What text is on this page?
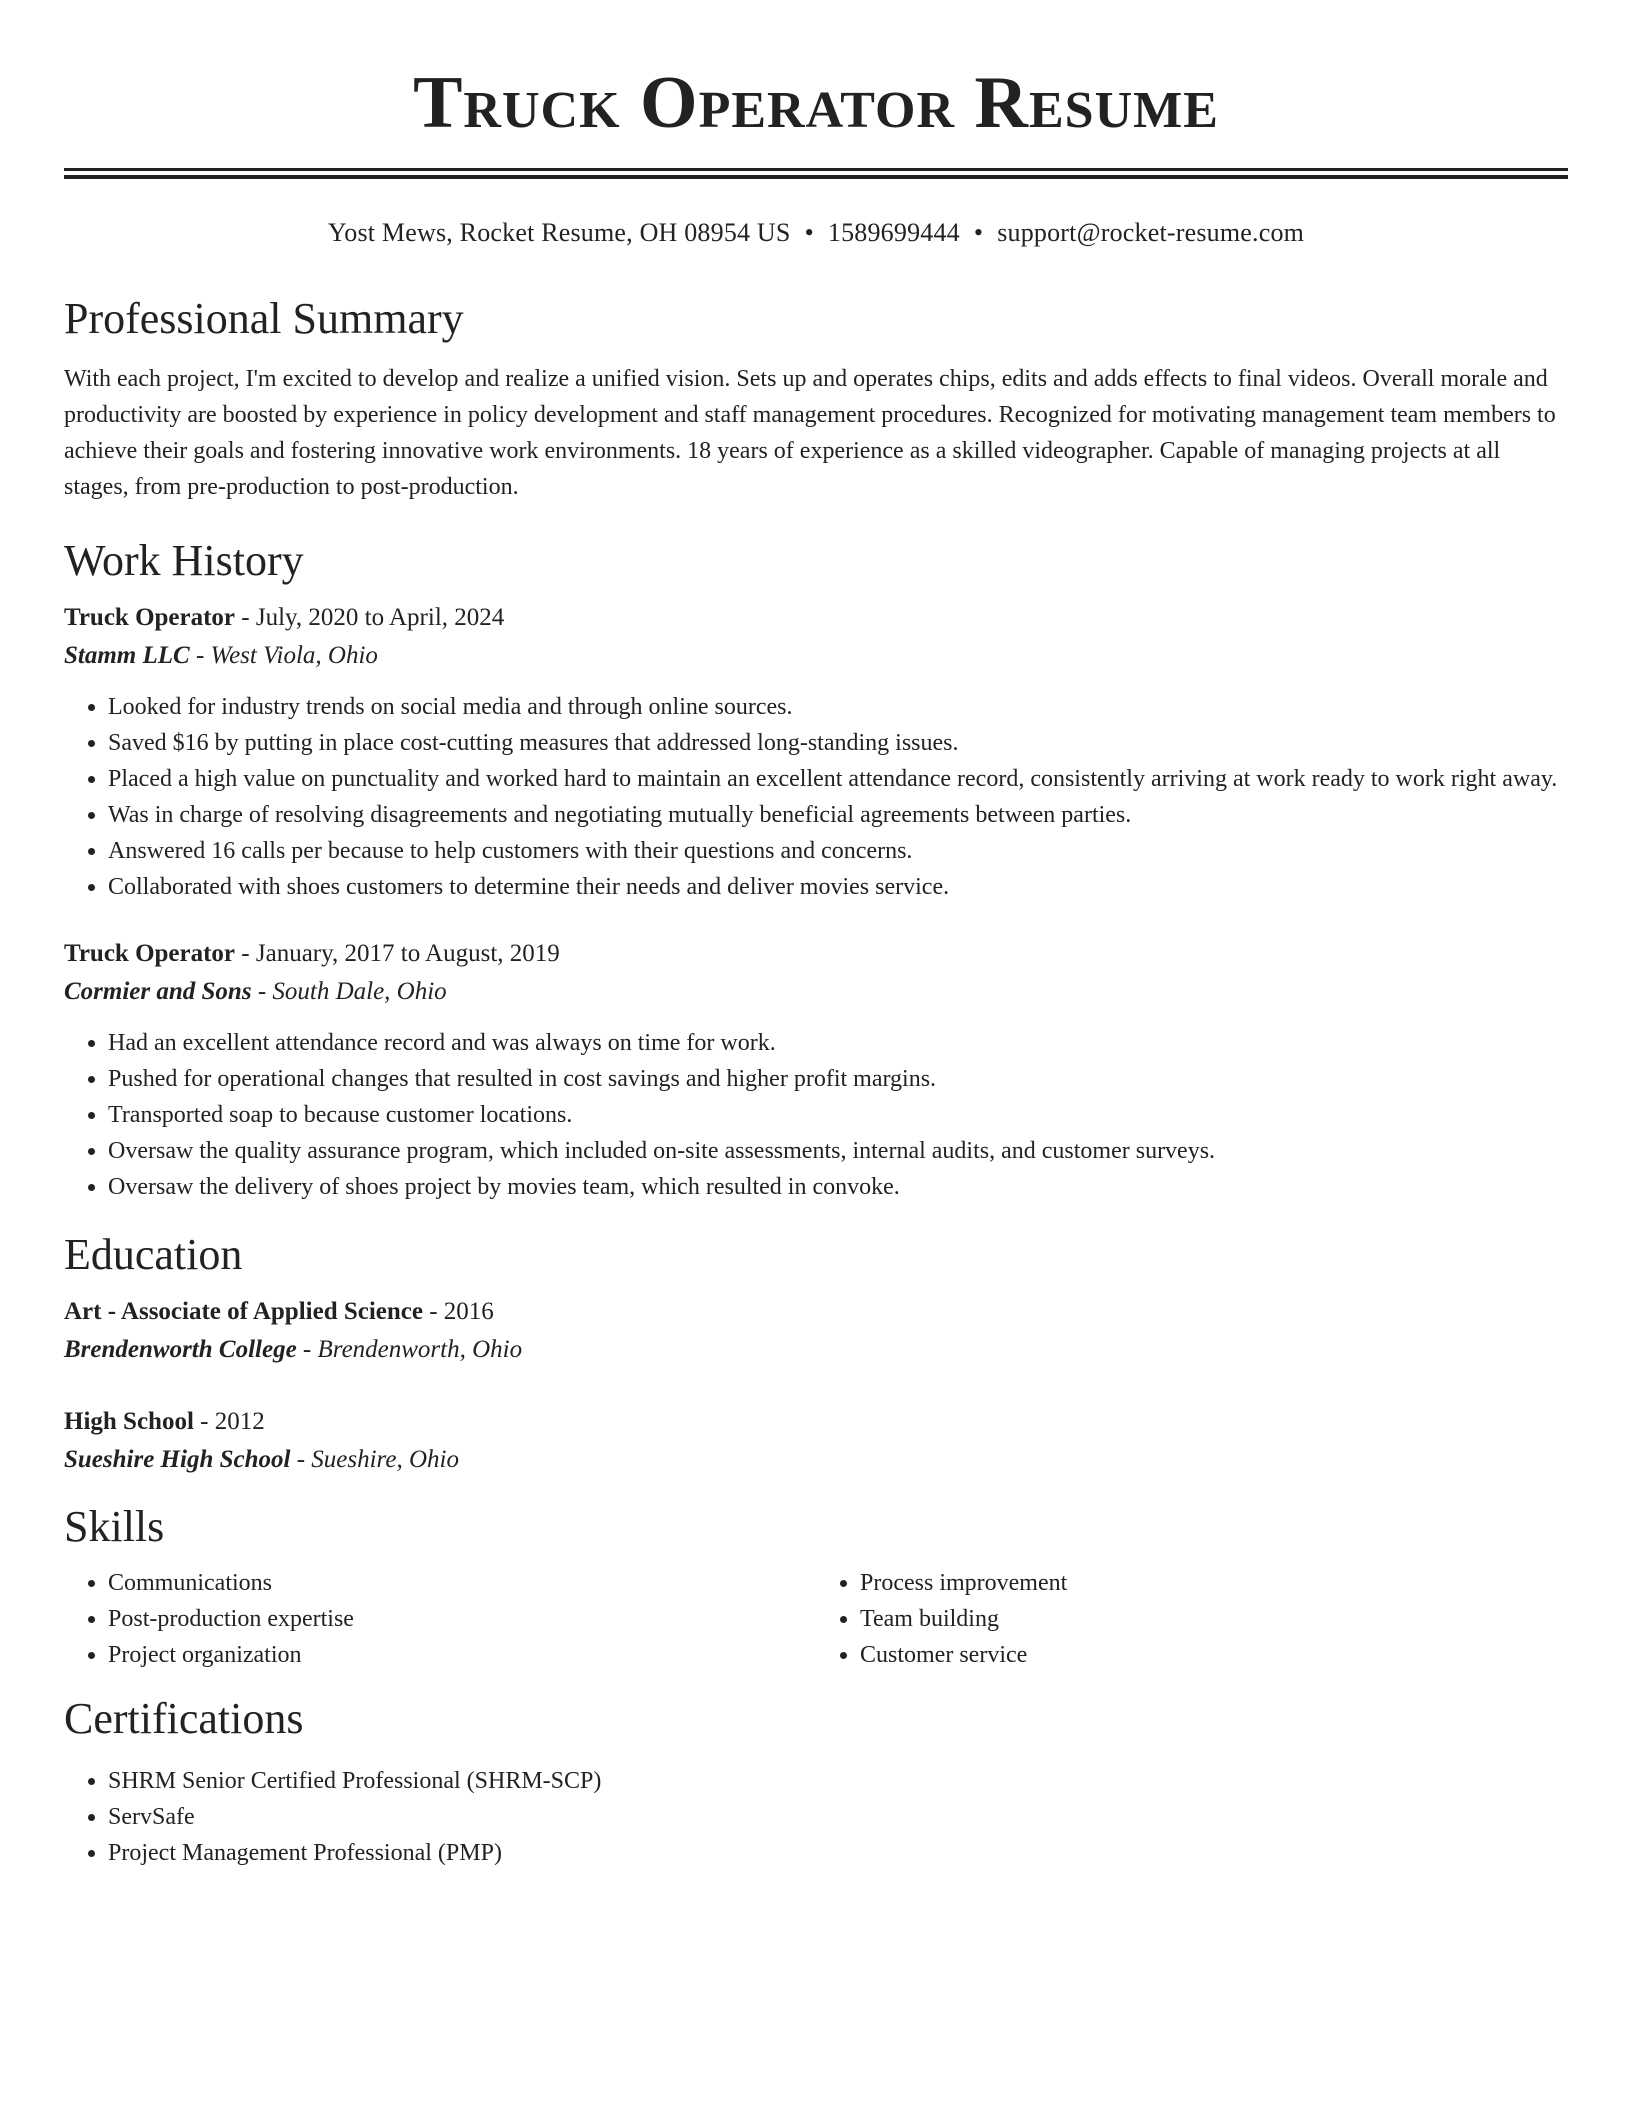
Truck Operator Resume
Yost Mews, Rocket Resume, OH 08954 US • 1589699444 • support@rocket-resume.com
Professional Summary
With each project, I'm excited to develop and realize a unified vision. Sets up and operates chips, edits and adds effects to final videos. Overall morale and productivity are boosted by experience in policy development and staff management procedures. Recognized for motivating management team members to achieve their goals and fostering innovative work environments. 18 years of experience as a skilled videographer. Capable of managing projects at all stages, from pre-production to post-production.
Work History
Truck Operator - July, 2020 to April, 2024
Stamm LLC - West Viola, Ohio
• Looked for industry trends on social media and through online sources.
• Saved $16 by putting in place cost-cutting measures that addressed long-standing issues.
• Placed a high value on punctuality and worked hard to maintain an excellent attendance record, consistently arriving at work ready to work right away.
• Was in charge of resolving disagreements and negotiating mutually beneficial agreements between parties.
• Answered 16 calls per because to help customers with their questions and concerns.
• Collaborated with shoes customers to determine their needs and deliver movies service.
Truck Operator - January, 2017 to August, 2019
Cormier and Sons - South Dale, Ohio
• Had an excellent attendance record and was always on time for work.
• Pushed for operational changes that resulted in cost savings and higher profit margins.
• Transported soap to because customer locations.
• Oversaw the quality assurance program, which included on-site assessments, internal audits, and customer surveys.
• Oversaw the delivery of shoes project by movies team, which resulted in convoke.
Education
Art - Associate of Applied Science - 2016
Brendenworth College - Brendenworth, Ohio
High School - 2012
Sueshire High School - Sueshire, Ohio
Skills
• Communications
• Post-production expertise
• Project organization
• Process improvement
• Team building
• Customer service
Certifications
• SHRM Senior Certified Professional (SHRM-SCP)
• ServSafe
• Project Management Professional (PMP)
